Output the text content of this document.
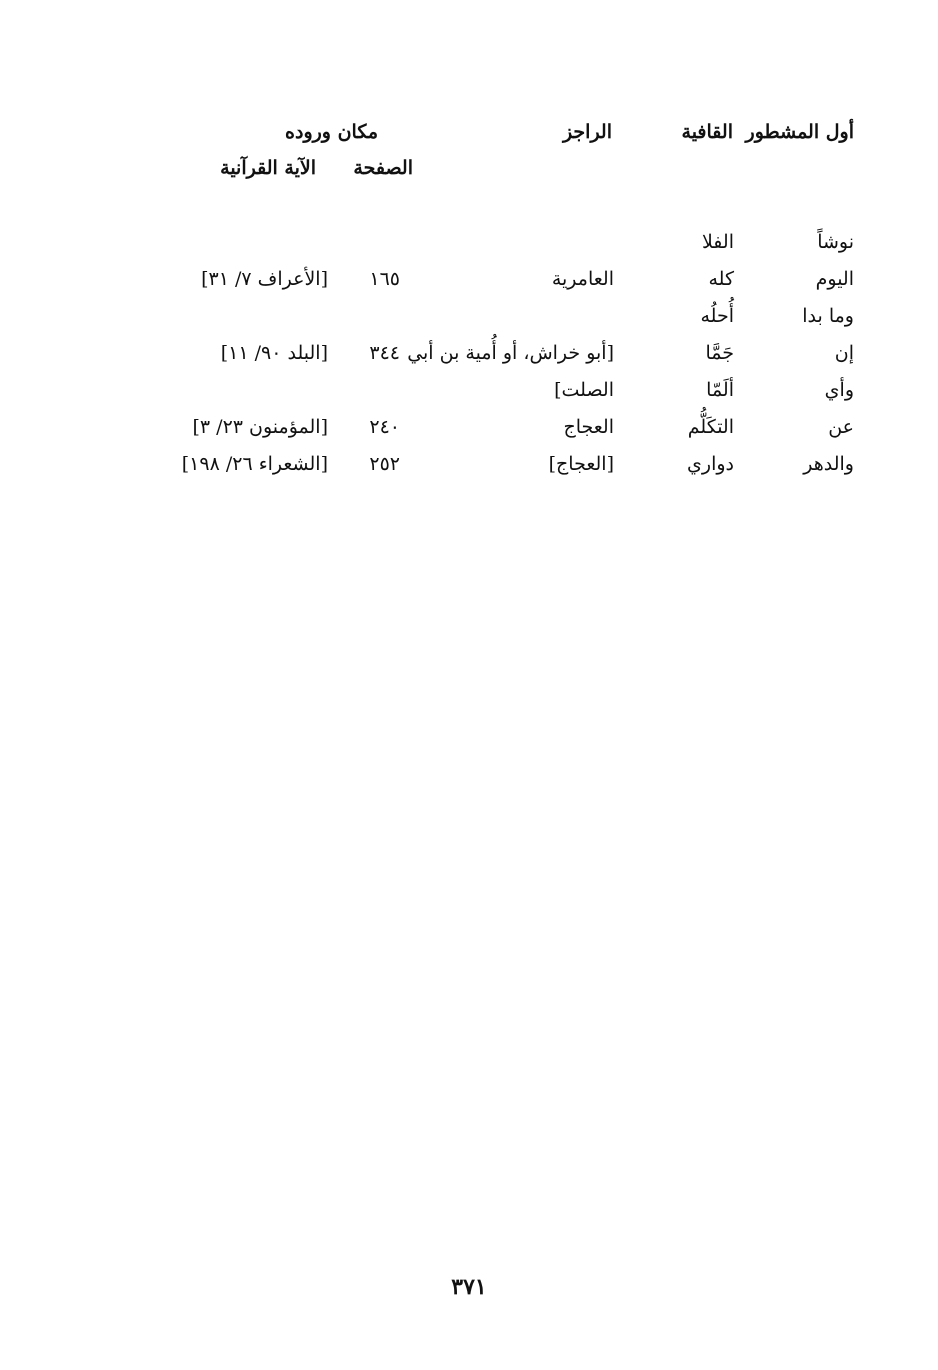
أول المشطور
القافية
الراجز
مكان وروده
الصفحة
الآية القرآنية
نوشاً
الفلا
اليوم
كله
العامرية
١٦٥
[الأعراف ٧/ ٣١]
وما بدا
أُحلُه
إن
جَمَّا
[أبو خراش، أو أُمية بن أبي
٣٤٤
[البلد ٩٠/ ١١]
وأي
ألَمّا
الصلت]
عن
التكَلُّم
العجاج
٢٤٠
[المؤمنون ٢٣/ ٣]
والدهر
دواري
[العجاج]
٢٥٢
[الشعراء ٢٦/ ١٩٨]
٣٧١
